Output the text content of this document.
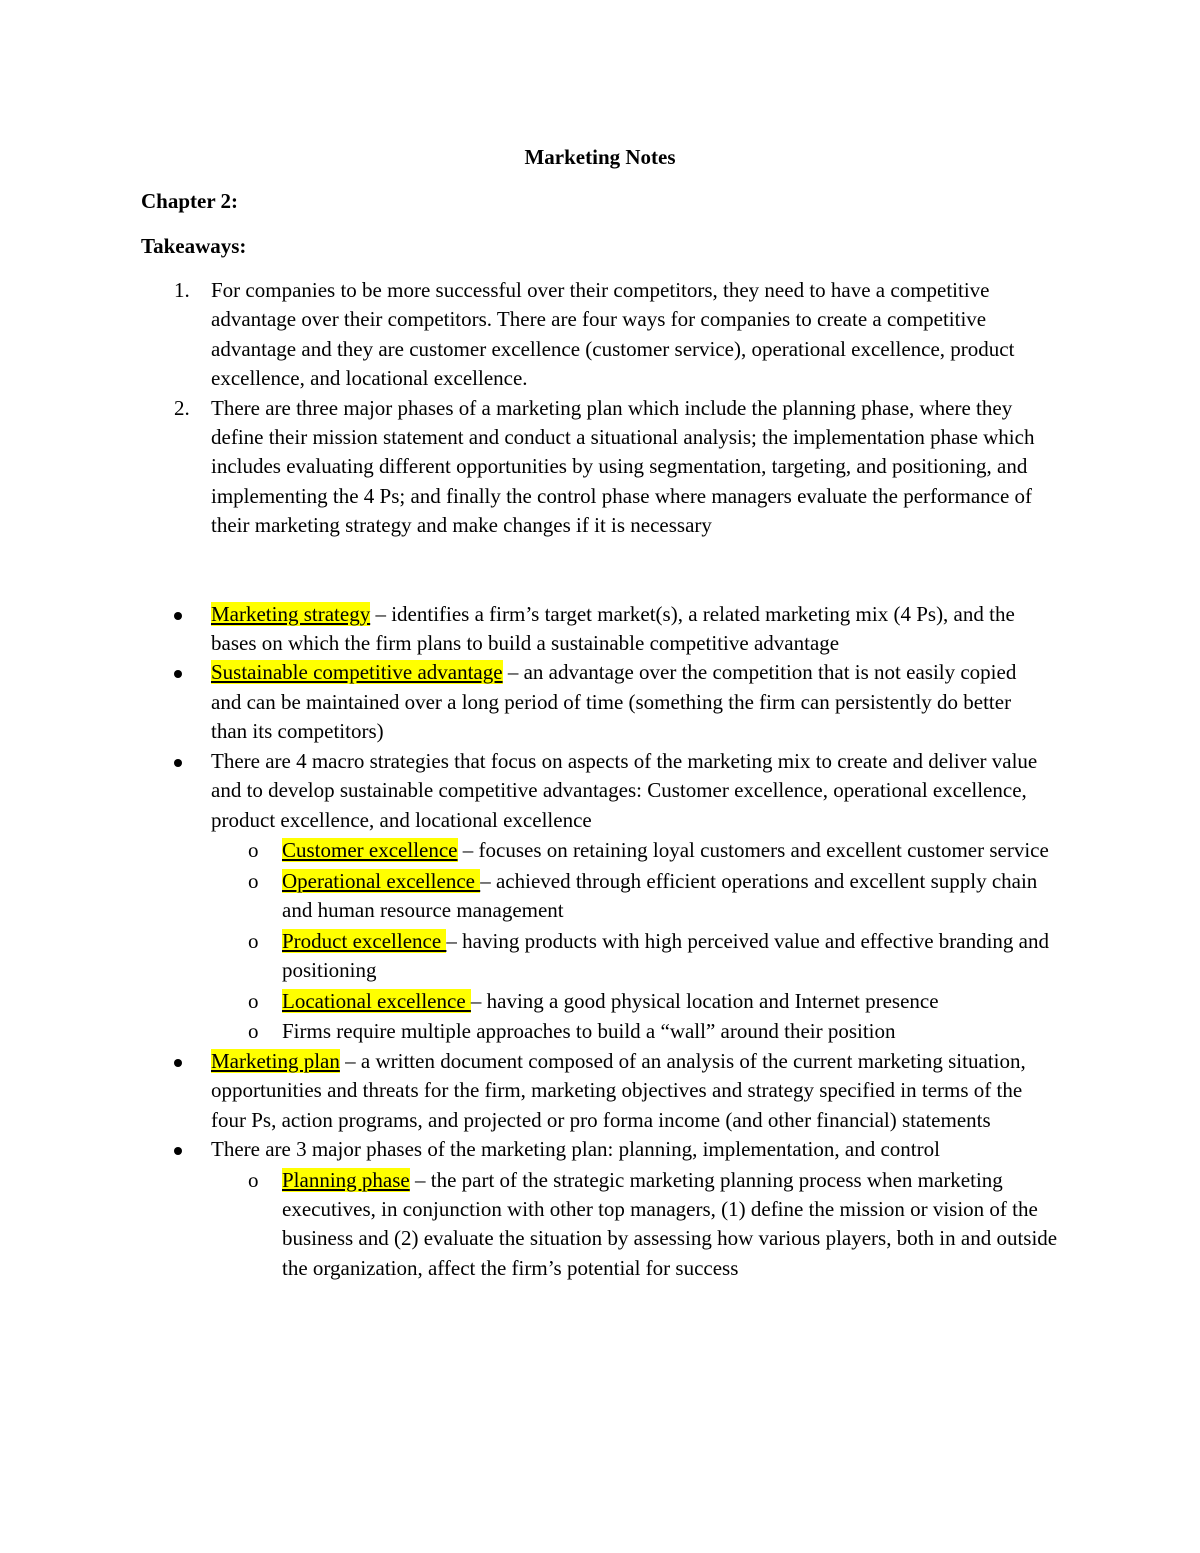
Marketing Notes
Chapter 2:
Takeaways:
1. For companies to be more successful over their competitors, they need to have a competitive advantage over their competitors. There are four ways for companies to create a competitive advantage and they are customer excellence (customer service), operational excellence, product excellence, and locational excellence.
2. There are three major phases of a marketing plan which include the planning phase, where they define their mission statement and conduct a situational analysis; the implementation phase which includes evaluating different opportunities by using segmentation, targeting, and positioning, and implementing the 4 Ps; and finally the control phase where managers evaluate the performance of their marketing strategy and make changes if it is necessary
Marketing strategy – identifies a firm’s target market(s), a related marketing mix (4 Ps), and the bases on which the firm plans to build a sustainable competitive advantage
Sustainable competitive advantage – an advantage over the competition that is not easily copied and can be maintained over a long period of time (something the firm can persistently do better than its competitors)
There are 4 macro strategies that focus on aspects of the marketing mix to create and deliver value and to develop sustainable competitive advantages: Customer excellence, operational excellence, product excellence, and locational excellence
o Customer excellence – focuses on retaining loyal customers and excellent customer service
o Operational excellence – achieved through efficient operations and excellent supply chain and human resource management
o Product excellence – having products with high perceived value and effective branding and positioning
o Locational excellence – having a good physical location and Internet presence
o Firms require multiple approaches to build a “wall” around their position
Marketing plan – a written document composed of an analysis of the current marketing situation, opportunities and threats for the firm, marketing objectives and strategy specified in terms of the four Ps, action programs, and projected or pro forma income (and other financial) statements
There are 3 major phases of the marketing plan: planning, implementation, and control
o Planning phase – the part of the strategic marketing planning process when marketing executives, in conjunction with other top managers, (1) define the mission or vision of the business and (2) evaluate the situation by assessing how various players, both in and outside the organization, affect the firm’s potential for success
